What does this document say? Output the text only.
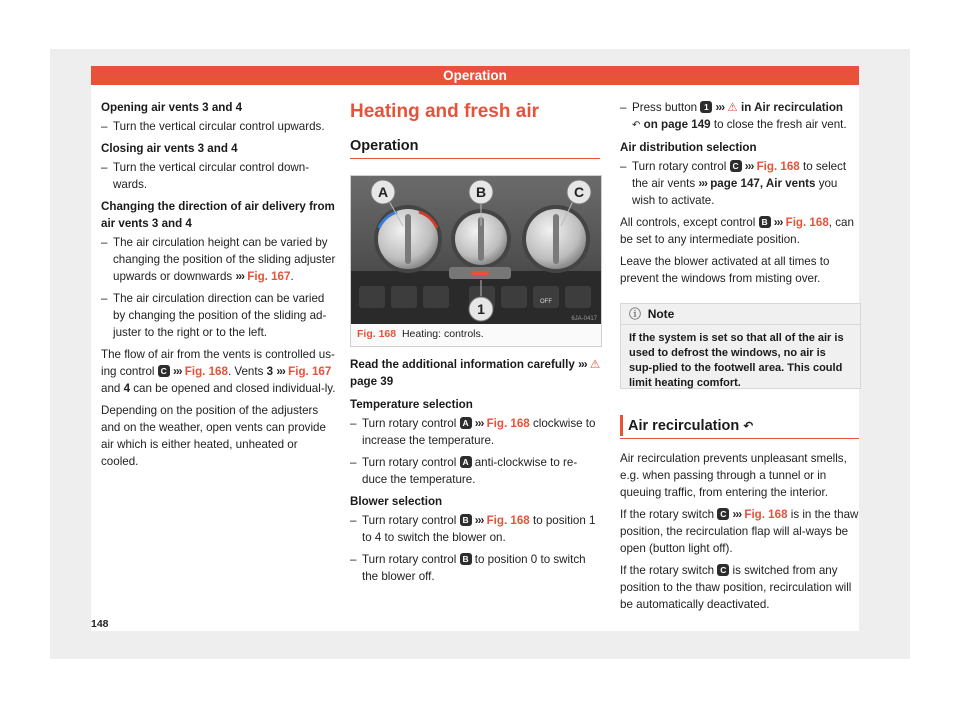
Operation

Opening air vents 3 and 4

– Turn the vertical circular control upwards.

Closing air vents 3 and 4

– Turn the vertical circular control down-wards.

Changing the direction of air delivery from air vents 3 and 4

– The air circulation height can be varied by changing the position of the sliding adjuster upwards or downwards ››› Fig. 167.

– The air circulation direction can be varied by changing the position of the sliding ad-juster to the right or to the left.

The flow of air from the vents is controlled us-ing control C ››› Fig. 168. Vents 3 ››› Fig. 167 and 4 can be opened and closed individual-ly.

Depending on the position of the adjusters and on the weather, open vents can provide air which is either heated, unheated or cooled.

Heating and fresh air
Operation
OFF
A	B	C
1
6JA-0417
Fig. 168 Heating: controls.

Read the additional information carefully ››› ⚠ page 39

Temperature selection

– Turn rotary control A ››› Fig. 168 clockwise to increase the temperature.

– Turn rotary control A anti-clockwise to re-duce the temperature.

Blower selection

– Turn rotary control B ››› Fig. 168 to position 1 to 4 to switch the blower on.

– Turn rotary control B to position 0 to switch the blower off.

– Press button 1 ››› ⚠ in Air recirculation
↶ on page 149 to close the fresh air vent.

Air distribution selection

– Turn rotary control C ››› Fig. 168 to select the air vents ››› page 147, Air vents you wish to activate.

All controls, except control B ››› Fig. 168, can be set to any intermediate position.

Leave the blower activated at all times to prevent the windows from misting over.

ⓘ Note
If the system is set so that all of the air is used to defrost the windows, no air is sup-plied to the footwell area. This could limit heating comfort.
Air recirculation ↶

Air recirculation prevents unpleasant smells, e.g. when passing through a tunnel or in queuing traffic, from entering the interior.

If the rotary switch C ››› Fig. 168 is in the thaw position, the recirculation flap will al-ways be open (button light off).

If the rotary switch C is switched from any position to the thaw position, recirculation will be automatically deactivated.

148
